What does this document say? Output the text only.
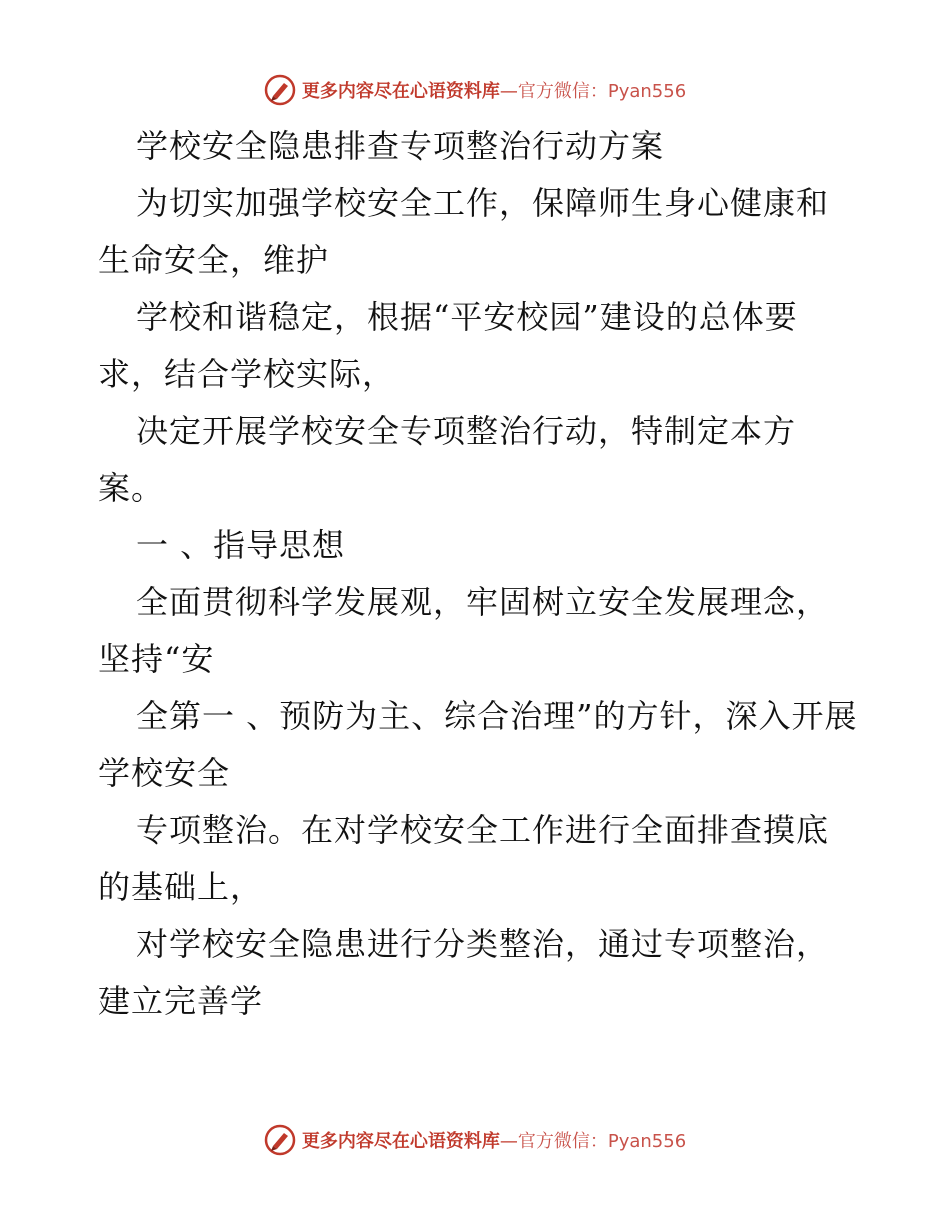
更多内容尽在心语资料库—官方微信：Pyan556

学校安全隐患排查专项整治行动方案

为切实加强学校安全工作，保障师生身心健康和生命安全，维护

学校和谐稳定，根据“平安校园”建设的总体要求，结合学校实际，

决定开展学校安全专项整治行动，特制定本方案。

一 、指导思想

全面贯彻科学发展观，牢固树立安全发展理念，坚持“安

全第一 、预防为主、综合治理”的方针，深入开展学校安全

专项整治。在对学校安全工作进行全面排查摸底的基础上，

对学校安全隐患进行分类整治，通过专项整治，建立完善学

更多内容尽在心语资料库—官方微信：Pyan556
